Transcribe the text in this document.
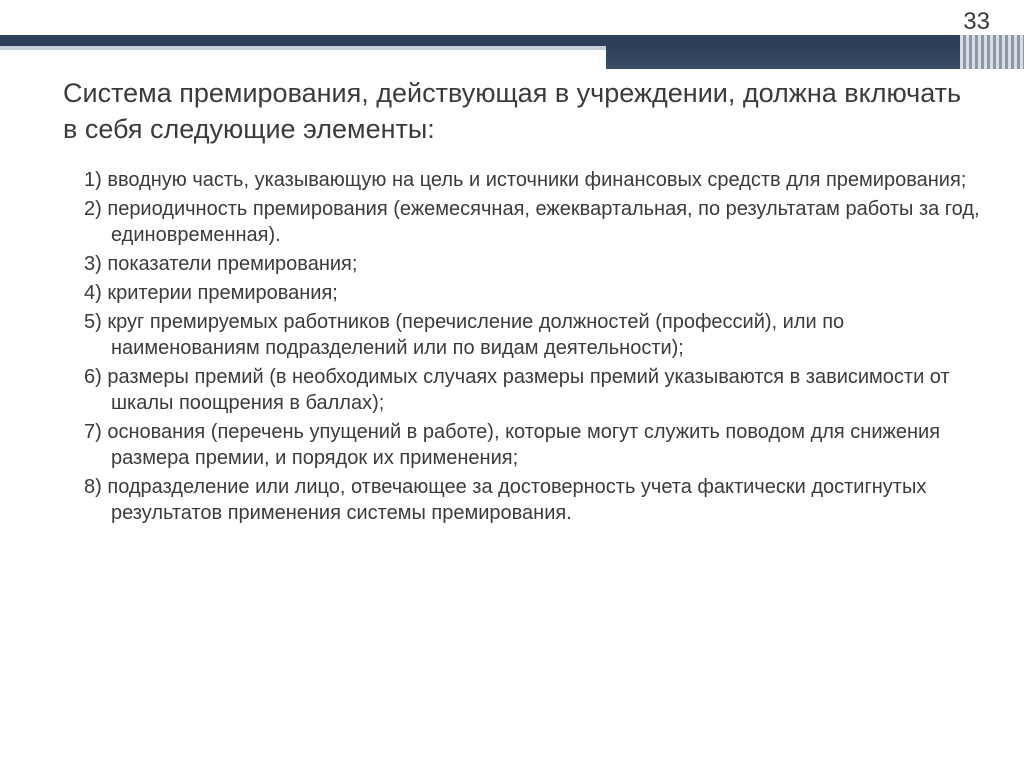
33
Система премирования, действующая в учреждении, должна включать в себя следующие элементы:
1) вводную часть, указывающую на цель и источники финансовых средств для премирования;
2) периодичность премирования (ежемесячная, ежеквартальная, по результатам работы за год, единовременная).
3) показатели премирования;
4) критерии премирования;
5) круг премируемых работников (перечисление должностей (профессий), или по наименованиям подразделений или по видам деятельности);
6) размеры премий (в необходимых случаях размеры премий указываются в зависимости от шкалы поощрения в баллах);
7) основания (перечень упущений в работе), которые могут служить поводом для снижения размера премии, и порядок их применения;
8) подразделение или лицо, отвечающее за достоверность учета фактически достигнутых результатов применения системы премирования.
